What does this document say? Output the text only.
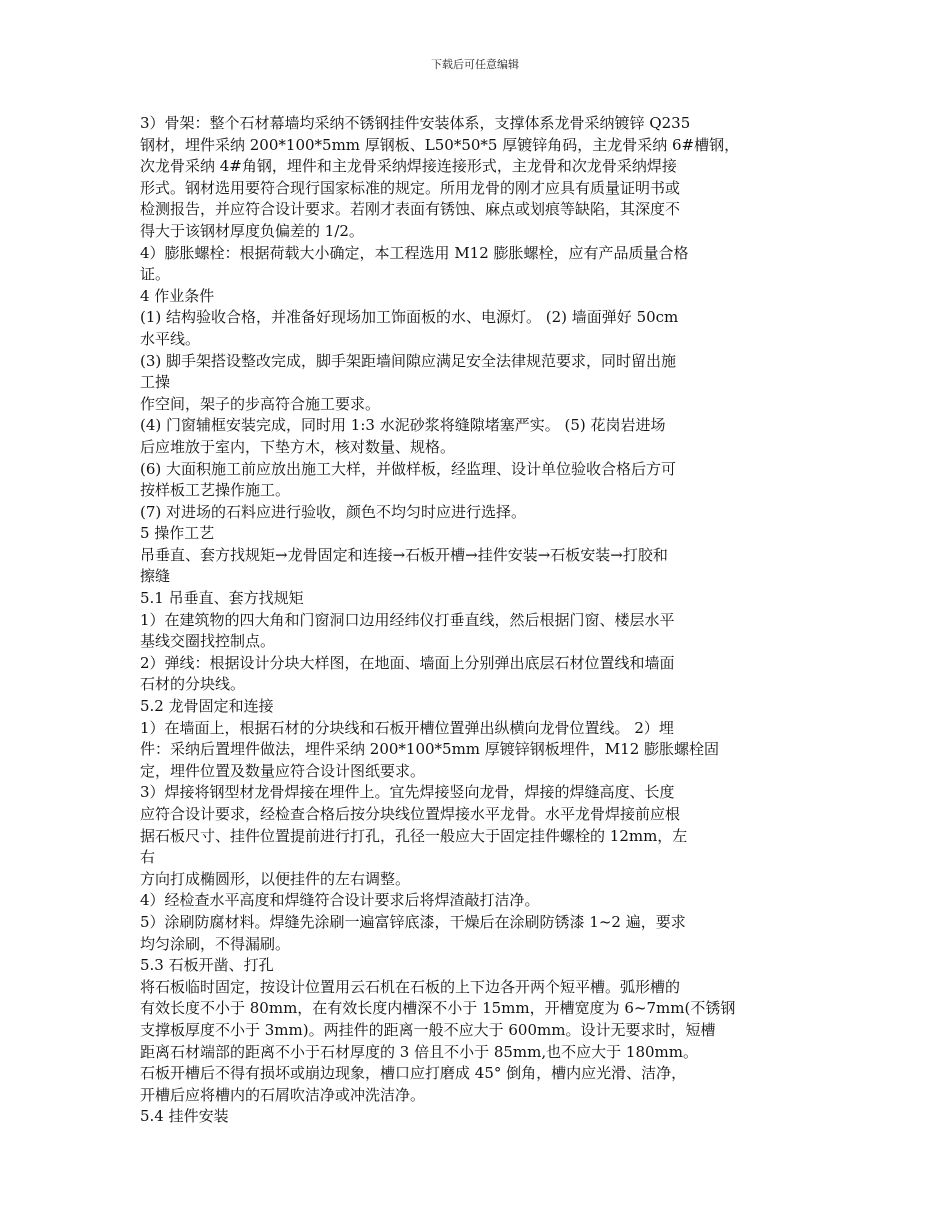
下载后可任意编辑
3）骨架：整个石材幕墙均采纳不锈钢挂件安装体系，支撑体系龙骨采纳镀锌 Q235
钢材，埋件采纳 200*100*5mm 厚钢板、L50*50*5 厚镀锌角码，主龙骨采纳 6#槽钢，
次龙骨采纳 4#角钢，埋件和主龙骨采纳焊接连接形式，主龙骨和次龙骨采纳焊接
形式。钢材选用要符合现行国家标准的规定。所用龙骨的刚才应具有质量证明书或
检测报告，并应符合设计要求。若刚才表面有锈蚀、麻点或划痕等缺陷，其深度不
得大于该钢材厚度负偏差的 1/2。
4）膨胀螺栓：根据荷载大小确定，本工程选用 M12 膨胀螺栓，应有产品质量合格
证。
4 作业条件
(1) 结构验收合格，并准备好现场加工饰面板的水、电源灯。 (2) 墙面弹好 50cm
水平线。
(3) 脚手架搭设整改完成，脚手架距墙间隙应满足安全法律规范要求，同时留出施
工操
作空间，架子的步高符合施工要求。
(4) 门窗辅框安装完成，同时用 1:3 水泥砂浆将缝隙堵塞严实。 (5) 花岗岩进场
后应堆放于室内，下垫方木，核对数量、规格。
(6) 大面积施工前应放出施工大样，并做样板，经监理、设计单位验收合格后方可
按样板工艺操作施工。
(7) 对进场的石料应进行验收，颜色不均匀时应进行选择。
5 操作工艺
吊垂直、套方找规矩→龙骨固定和连接→石板开槽→挂件安装→石板安装→打胶和
擦缝
5.1 吊垂直、套方找规矩
1）在建筑物的四大角和门窗洞口边用经纬仪打垂直线，然后根据门窗、楼层水平
基线交圈找控制点。
2）弹线：根据设计分块大样图，在地面、墙面上分别弹出底层石材位置线和墙面
石材的分块线。
5.2 龙骨固定和连接
1）在墙面上，根据石材的分块线和石板开槽位置弹出纵横向龙骨位置线。 2）埋
件：采纳后置埋件做法，埋件采纳 200*100*5mm 厚镀锌钢板埋件，M12 膨胀螺栓固
定，埋件位置及数量应符合设计图纸要求。
3）焊接将钢型材龙骨焊接在埋件上。宜先焊接竖向龙骨，焊接的焊缝高度、长度
应符合设计要求，经检查合格后按分块线位置焊接水平龙骨。水平龙骨焊接前应根
据石板尺寸、挂件位置提前进行打孔，孔径一般应大于固定挂件螺栓的 12mm，左
右
方向打成椭圆形，以便挂件的左右调整。
4）经检查水平高度和焊缝符合设计要求后将焊渣敲打洁净。
5）涂刷防腐材料。焊缝先涂刷一遍富锌底漆，干燥后在涂刷防锈漆 1~2 遍，要求
均匀涂刷，不得漏刷。
5.3 石板开凿、打孔
将石板临时固定，按设计位置用云石机在石板的上下边各开两个短平槽。弧形槽的
有效长度不小于 80mm，在有效长度内槽深不小于 15mm，开槽宽度为 6~7mm(不锈钢
支撑板厚度不小于 3mm)。两挂件的距离一般不应大于 600mm。设计无要求时，短槽
距离石材端部的距离不小于石材厚度的 3 倍且不小于 85mm,也不应大于 180mm。
石板开槽后不得有损坏或崩边现象，槽口应打磨成 45° 倒角，槽内应光滑、洁净，
开槽后应将槽内的石屑吹洁净或冲洗洁净。
5.4 挂件安装
